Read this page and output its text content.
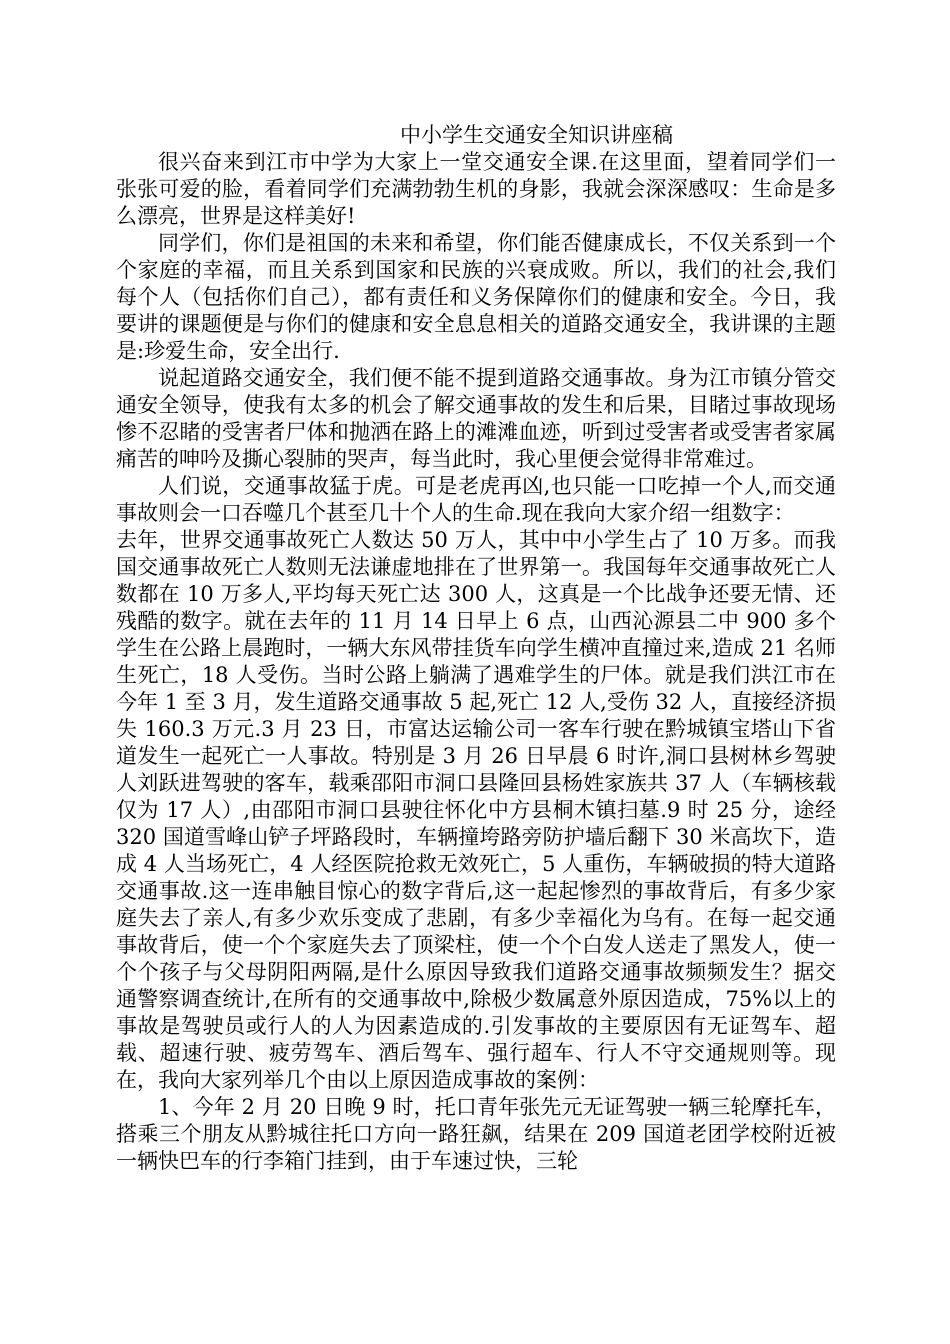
中小学生交通安全知识讲座稿

很兴奋来到江市中学为大家上一堂交通安全课.在这里面，望着同学们一张张可爱的脸，看着同学们充满勃勃生机的身影，我就会深深感叹：生命是多么漂亮，世界是这样美好!

同学们，你们是祖国的未来和希望，你们能否健康成长，不仅关系到一个个家庭的幸福，而且关系到国家和民族的兴衰成败。所以，我们的社会,我们每个人（包括你们自己），都有责任和义务保障你们的健康和安全。今日，我要讲的课题便是与你们的健康和安全息息相关的道路交通安全，我讲课的主题是:珍爱生命，安全出行.

说起道路交通安全，我们便不能不提到道路交通事故。身为江市镇分管交通安全领导，使我有太多的机会了解交通事故的发生和后果，目睹过事故现场惨不忍睹的受害者尸体和抛洒在路上的滩滩血迹，听到过受害者或受害者家属痛苦的呻吟及撕心裂肺的哭声，每当此时，我心里便会觉得非常难过。

人们说，交通事故猛于虎。可是老虎再凶,也只能一口吃掉一个人,而交通事故则会一口吞噬几个甚至几十个人的生命.现在我向大家介绍一组数字：

去年，世界交通事故死亡人数达 50 万人，其中中小学生占了 10 万多。而我国交通事故死亡人数则无法谦虚地排在了世界第一。我国每年交通事故死亡人数都在 10 万多人,平均每天死亡达 300 人，这真是一个比战争还要无情、还残酷的数字。就在去年的 11 月 14 日早上 6 点，山西沁源县二中 900 多个学生在公路上晨跑时，一辆大东风带挂货车向学生横冲直撞过来,造成 21 名师生死亡，18 人受伤。当时公路上躺满了遇难学生的尸体。就是我们洪江市在今年 1 至 3 月，发生道路交通事故 5 起,死亡 12 人,受伤 32 人，直接经济损失 160.3 万元.3 月 23 日，市富达运输公司一客车行驶在黔城镇宝塔山下省道发生一起死亡一人事故。特别是 3 月 26 日早晨 6 时许,洞口县树林乡驾驶人刘跃进驾驶的客车，载乘邵阳市洞口县隆回县杨姓家族共 37 人（车辆核载仅为 17 人）,由邵阳市洞口县驶往怀化中方县桐木镇扫墓.9 时 25 分，途经 320 国道雪峰山铲子坪路段时，车辆撞垮路旁防护墙后翻下 30 米高坎下，造成 4 人当场死亡，4 人经医院抢救无效死亡，5 人重伤，车辆破损的特大道路交通事故.这一连串触目惊心的数字背后,这一起起惨烈的事故背后，有多少家庭失去了亲人,有多少欢乐变成了悲剧，有多少幸福化为乌有。在每一起交通事故背后，使一个个家庭失去了顶梁柱，使一个个白发人送走了黑发人，使一个个孩子与父母阴阳两隔,是什么原因导致我们道路交通事故频频发生？据交通警察调查统计,在所有的交通事故中,除极少数属意外原因造成，75%以上的事故是驾驶员或行人的人为因素造成的.引发事故的主要原因有无证驾车、超载、超速行驶、疲劳驾车、酒后驾车、强行超车、行人不守交通规则等。现在，我向大家列举几个由以上原因造成事故的案例：

1、今年 2 月 20 日晚 9 时，托口青年张先元无证驾驶一辆三轮摩托车，搭乘三个朋友从黔城往托口方向一路狂飙，结果在 209 国道老团学校附近被一辆快巴车的行李箱门挂到，由于车速过快，三轮
